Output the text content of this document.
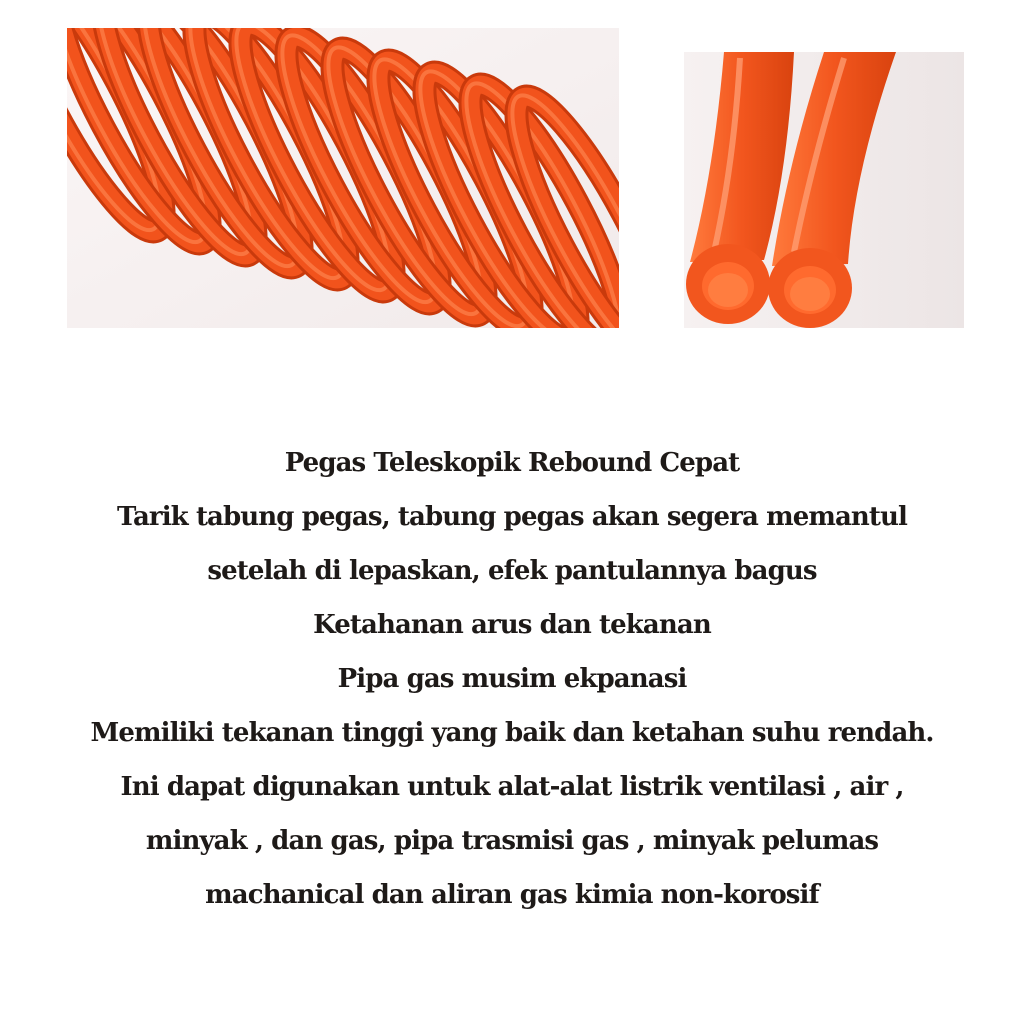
Pegas Teleskopik Rebound Cepat
Tarik tabung pegas, tabung pegas akan segera memantul
setelah di lepaskan, efek pantulannya bagus
Ketahanan arus dan tekanan
Pipa gas musim ekpanasi
Memiliki tekanan tinggi yang baik dan ketahan suhu rendah.
Ini dapat digunakan untuk alat-alat listrik ventilasi , air ,
minyak , dan gas, pipa trasmisi gas , minyak pelumas
machanical dan aliran gas kimia non-korosif
